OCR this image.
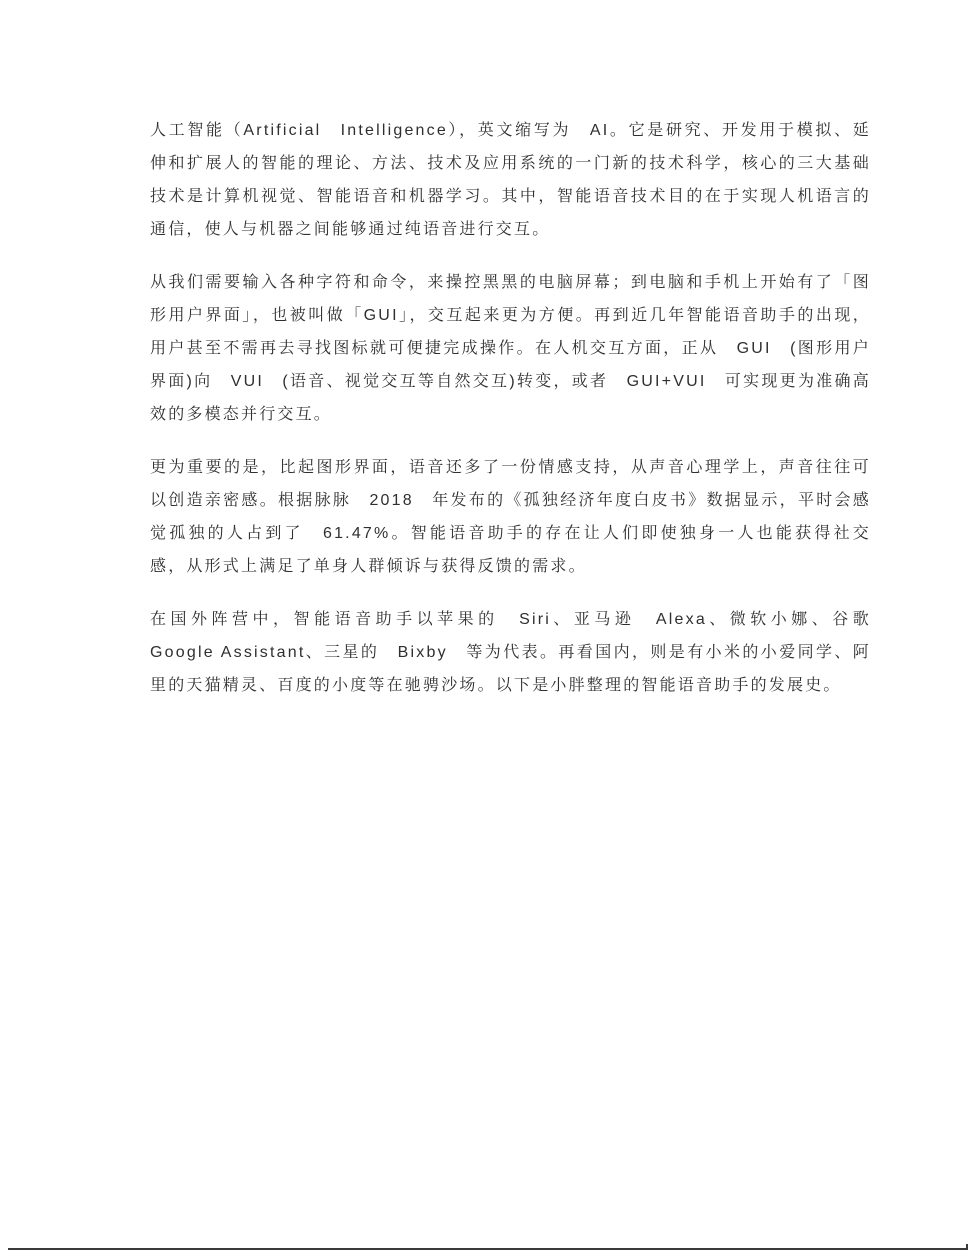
人工智能（Artificial　Intelligence），英文缩写为　AI。它是研究、开发用于模拟、延伸和扩展人的智能的理论、方法、技术及应用系统的一门新的技术科学，核心的三大基础技术是计算机视觉、智能语音和机器学习。其中，智能语音技术目的在于实现人机语言的通信，使人与机器之间能够通过纯语音进行交互。

从我们需要输入各种字符和命令，来操控黑黑的电脑屏幕；到电脑和手机上开始有了「图形用户界面」，也被叫做「GUI」，交互起来更为方便。再到近几年智能语音助手的出现，用户甚至不需再去寻找图标就可便捷完成操作。在人机交互方面，正从　GUI　(图形用户界面)向　VUI　(语音、视觉交互等自然交互)转变，或者　GUI+VUI　可实现更为准确高效的多模态并行交互。

更为重要的是，比起图形界面，语音还多了一份情感支持，从声音心理学上，声音往往可以创造亲密感。根据脉脉　2018　年发布的《孤独经济年度白皮书》数据显示，平时会感觉孤独的人占到了　61.47%。智能语音助手的存在让人们即使独身一人也能获得社交感，从形式上满足了单身人群倾诉与获得反馈的需求。

在国外阵营中，智能语音助手以苹果的　Siri、亚马逊　Alexa、微软小娜、谷歌　Google Assistant、三星的　Bixby　等为代表。再看国内，则是有小米的小爱同学、阿里的天猫精灵、百度的小度等在驰骋沙场。以下是小胖整理的智能语音助手的发展史。
